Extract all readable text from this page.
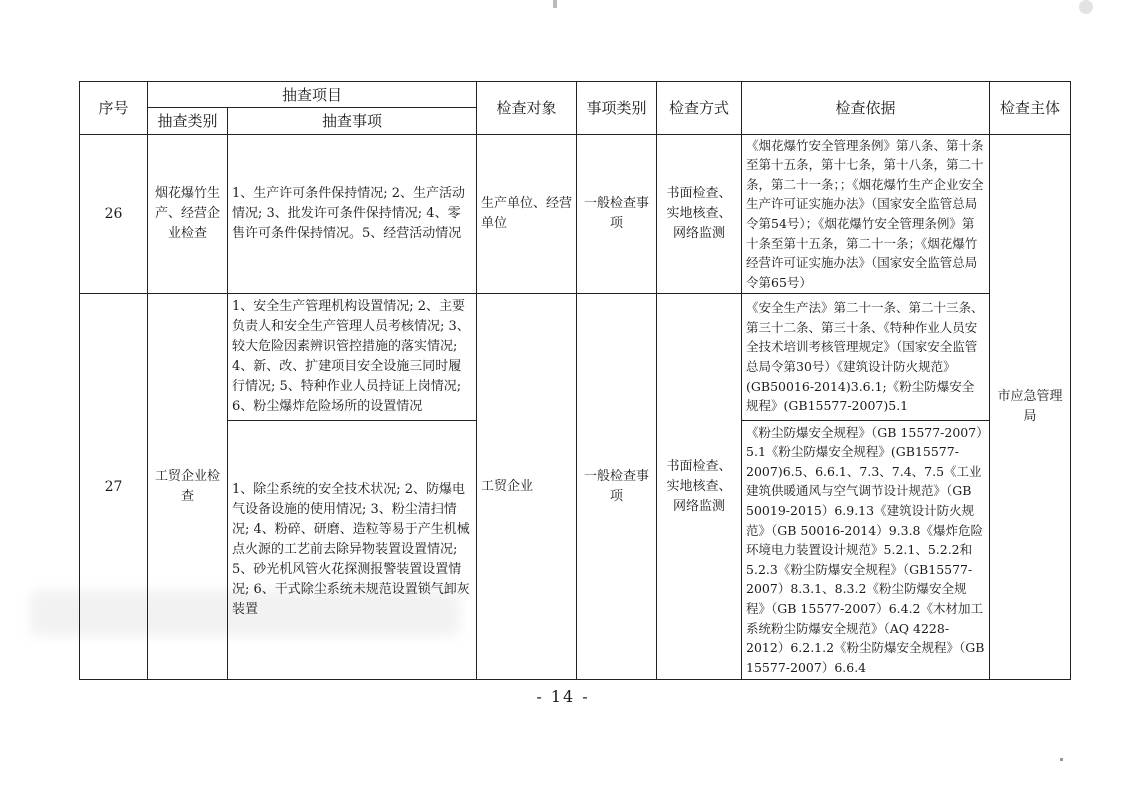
序号	抽查项目		检查对象	事项类别	检查方式	检查依据	检查主体
	抽查类别	抽查事项					
26	烟花爆竹生产、经营企业检查	1、生产许可条件保持情况; 2、生产活动情况; 3、批发许可条件保持情况; 4、零售许可条件保持情况。5、经营活动情况	生产单位、经营单位	一般检查事项	书面检查、实地核查、网络监测	《烟花爆竹安全管理条例》第八条、第十条至第十五条，第十七条，第十八条，第二十条，第二十一条；；《烟花爆竹生产企业安全生产许可证实施办法》（国家安全监管总局令第54号）；《烟花爆竹安全管理条例》第十条至第十五条，第二十一条；《烟花爆竹经营许可证实施办法》（国家安全监管总局令第65号）	市应急管理局
27	工贸企业检查	1、安全生产管理机构设置情况; 2、主要负责人和安全生产管理人员考核情况; 3、较大危险因素辨识管控措施的落实情况; 4、新、改、扩建项目安全设施三同时履行情况; 5、特种作业人员持证上岗情况; 6、粉尘爆炸危险场所的设置情况	工贸企业	一般检查事项	书面检查、实地核查、网络监测	《安全生产法》第二十一条、第二十三条、第三十二条、第三十条、《特种作业人员安全技术培训考核管理规定》（国家安全监管总局令第30号）《建筑设计防火规范》(GB50016-2014)3.6.1;《粉尘防爆安全规程》(GB15577-2007)5.1	
		1、除尘系统的安全技术状况; 2、防爆电气设备设施的使用情况; 3、粉尘清扫情况; 4、粉碎、研磨、造粒等易于产生机械点火源的工艺前去除异物装置设置情况; 5、砂光机风管火花探测报警装置设置情况; 6、干式除尘系统未规范设置锁气卸灰装置				《粉尘防爆安全规程》（GB 15577-2007）5.1《粉尘防爆安全规程》(GB15577-2007)6.5、6.6.1、7.3、7.4、7.5《工业建筑供暖通风与空气调节设计规范》（GB 50019-2015）6.9.13《建筑设计防火规范》（GB 50016-2014）9.3.8《爆炸危险环境电力装置设计规范》5.2.1、5.2.2和5.2.3《粉尘防爆安全规程》（GB15577-2007）8.3.1、8.3.2《粉尘防爆安全规程》（GB 15577-2007）6.4.2《木材加工系统粉尘防爆安全规范》（AQ 4228-2012）6.2.1.2《粉尘防爆安全规程》（GB 15577-2007）6.6.4	
- 14 -
